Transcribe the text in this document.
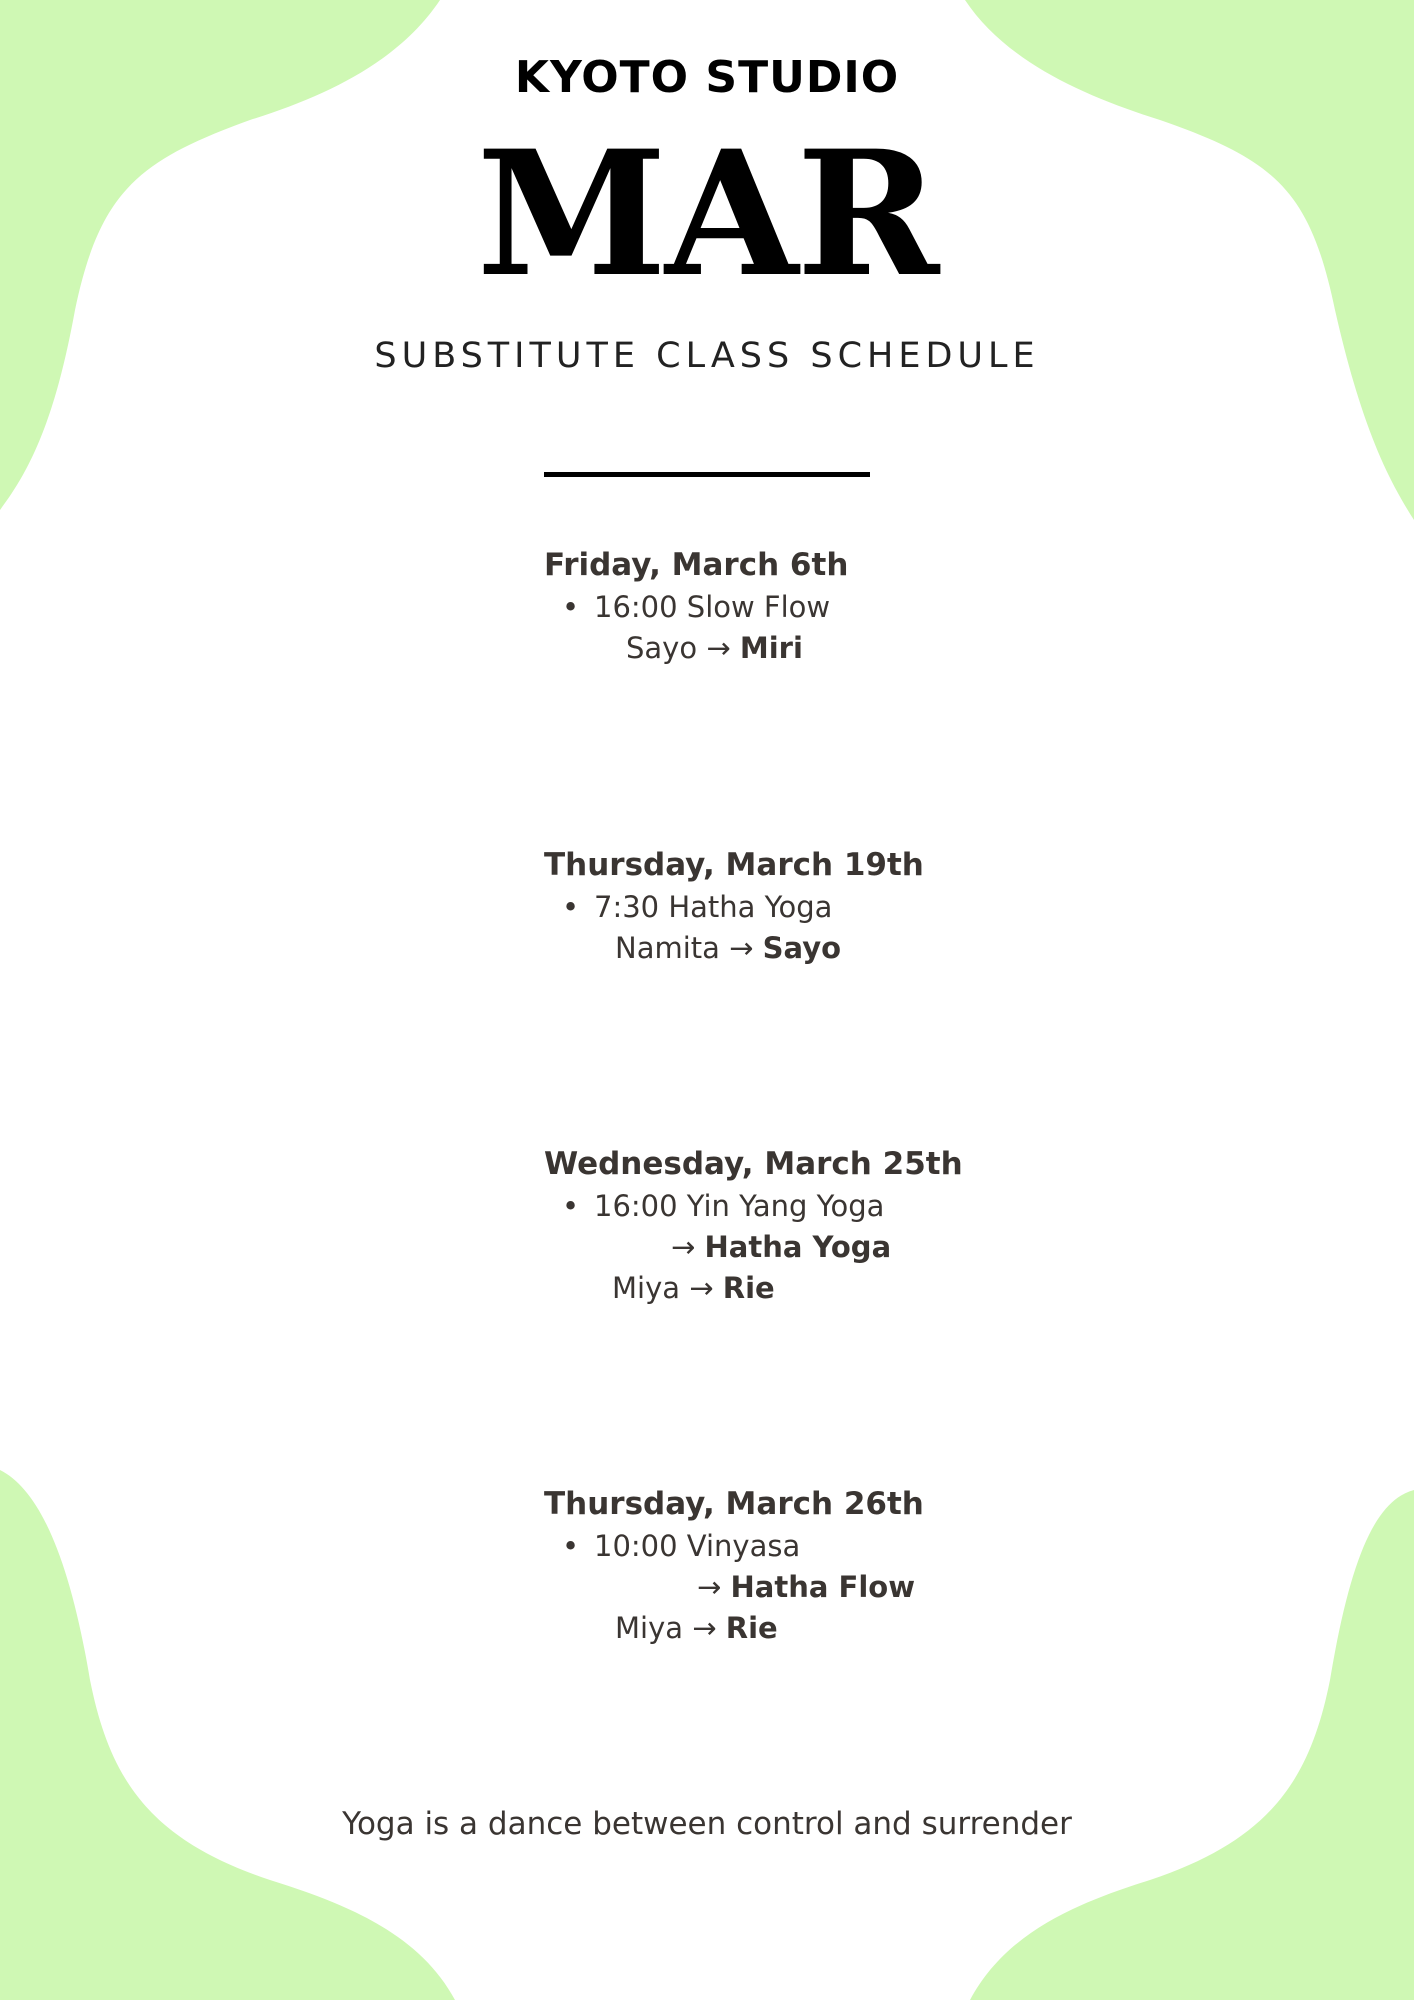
KYOTO STUDIO
MAR
SUBSTITUTE CLASS SCHEDULE
Friday, March 6th
• 16:00 Slow Flow
Sayo → Miri
Thursday, March 19th
• 7:30 Hatha Yoga
Namita → Sayo
Wednesday, March 25th
• 16:00 Yin Yang Yoga
→ Hatha Yoga
Miya → Rie
Thursday, March 26th
• 10:00 Vinyasa
→ Hatha Flow
Miya → Rie
Yoga is a dance between control and surrender
